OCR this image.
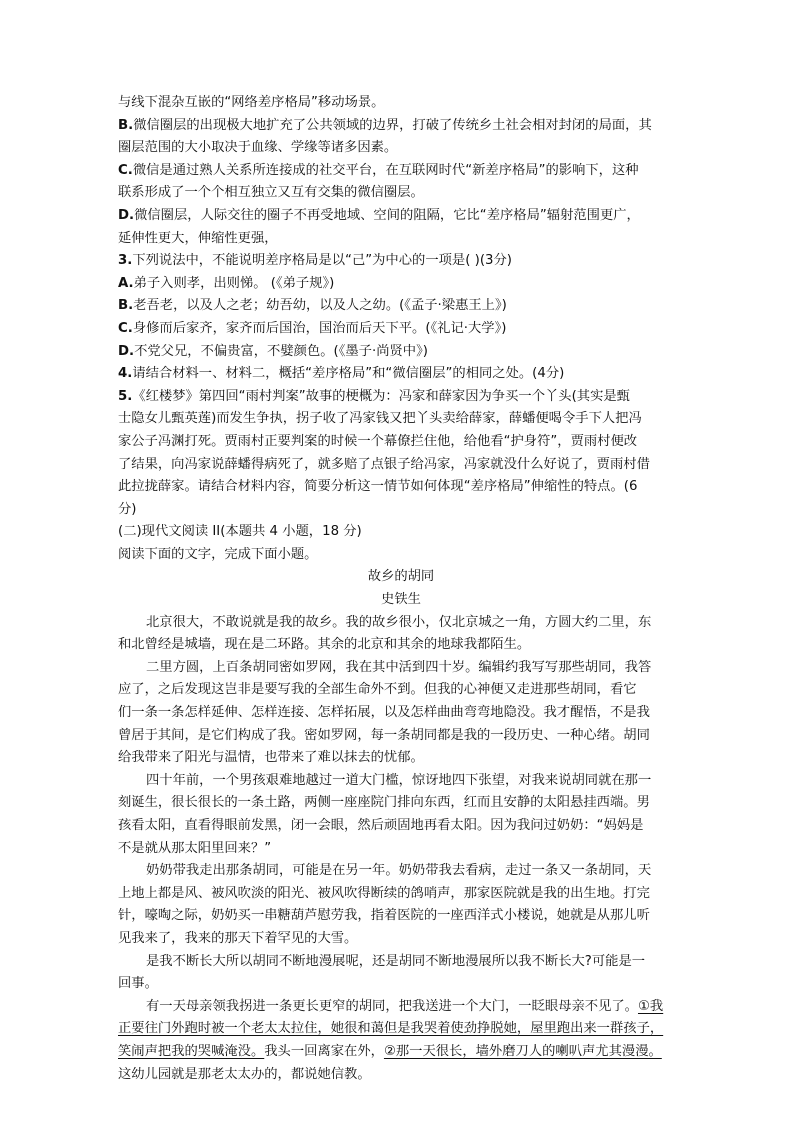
与线下混杂互嵌的“网络差序格局”移动场景。
B.微信圈层的出现极大地扩充了公共领域的边界，打破了传统乡土社会相对封闭的局面，其
圈层范围的大小取决于血缘、学缘等诸多因素。
C.微信是通过熟人关系所连接成的社交平台，在互联网时代“新差序格局”的影响下，这种
联系形成了一个个相互独立又互有交集的微信圈层。
D.微信圈层，人际交往的圈子不再受地域、空间的阻隔，它比“差序格局”辐射范围更广，
延伸性更大，伸缩性更强，
3.下列说法中，不能说明差序格局是以“己”为中心的一项是( )(3分)
A.弟子入则孝，出则悌。 (《弟子规》)
B.老吾老，以及人之老；幼吾幼，以及人之幼。(《孟子·梁惠王上》)
C.身修而后家齐，家齐而后国治，国治而后天下平。(《礼记·大学》)
D.不党父兄，不偏贵富，不嬖颜色。(《墨子·尚贤中》)
4.请结合材料一、材料二，概括“差序格局”和“微信圈层”的相同之处。(4分)
5.《红楼梦》第四回“雨村判案”故事的梗概为：冯家和薛家因为争买一个丫头(其实是甄
士隐女儿甄英莲)而发生争执，拐子收了冯家钱又把丫头卖给薛家，薛蟠便喝令手下人把冯
家公子冯渊打死。贾雨村正要判案的时候一个幕僚拦住他，给他看“护身符”，贾雨村便改
了结果，向冯家说薛蟠得病死了，就多赔了点银子给冯家，冯家就没什么好说了，贾雨村借
此拉拢薛家。请结合材料内容，简要分析这一情节如何体现“差序格局”伸缩性的特点。(6
分)
(二)现代文阅读 II(本题共 4 小题，18 分)
阅读下面的文字，完成下面小题。
故乡的胡同
史铁生
北京很大，不敢说就是我的故乡。我的故乡很小，仅北京城之一角，方圆大约二里，东
和北曾经是城墙，现在是二环路。其余的北京和其余的地球我都陌生。
二里方圆，上百条胡同密如罗网，我在其中活到四十岁。编辑约我写写那些胡同，我答
应了，之后发现这岂非是要写我的全部生命外不到。但我的心神便又走进那些胡同，看它
们一条一条怎样延伸、怎样连接、怎样拓展，以及怎样曲曲弯弯地隐没。我才醒悟，不是我
曾居于其间，是它们构成了我。密如罗网，每一条胡同都是我的一段历史、一种心绪。胡同
给我带来了阳光与温情，也带来了难以抹去的忧郁。
四十年前，一个男孩艰难地越过一道大门槛，惊讶地四下张望，对我来说胡同就在那一
刻诞生，很长很长的一条土路，两侧一座座院门排向东西，红而且安静的太阳悬挂西端。男
孩看太阳，直看得眼前发黑，闭一会眼，然后顽固地再看太阳。因为我问过奶奶：“妈妈是
不是就从那太阳里回来？”
奶奶带我走出那条胡同，可能是在另一年。奶奶带我去看病，走过一条又一条胡同，天
上地上都是风、被风吹淡的阳光、被风吹得断续的鸽哨声，那家医院就是我的出生地。打完
针，嚎啕之际，奶奶买一串糖葫芦慰劳我，指着医院的一座西洋式小楼说，她就是从那儿听
见我来了，我来的那天下着罕见的大雪。
是我不断长大所以胡同不断地漫展呢，还是胡同不断地漫展所以我不断长大?可能是一
回事。
有一天母亲领我拐进一条更长更窄的胡同，把我送进一个大门，一眨眼母亲不见了。①我
正要往门外跑时被一个老太太拉住，她很和蔼但是我哭着使劲挣脱她，屋里跑出来一群孩子，
笑闹声把我的哭喊淹没。我头一回离家在外，②那一天很长，墙外磨刀人的喇叭声尤其漫漫。
这幼儿园就是那老太太办的，都说她信教。
